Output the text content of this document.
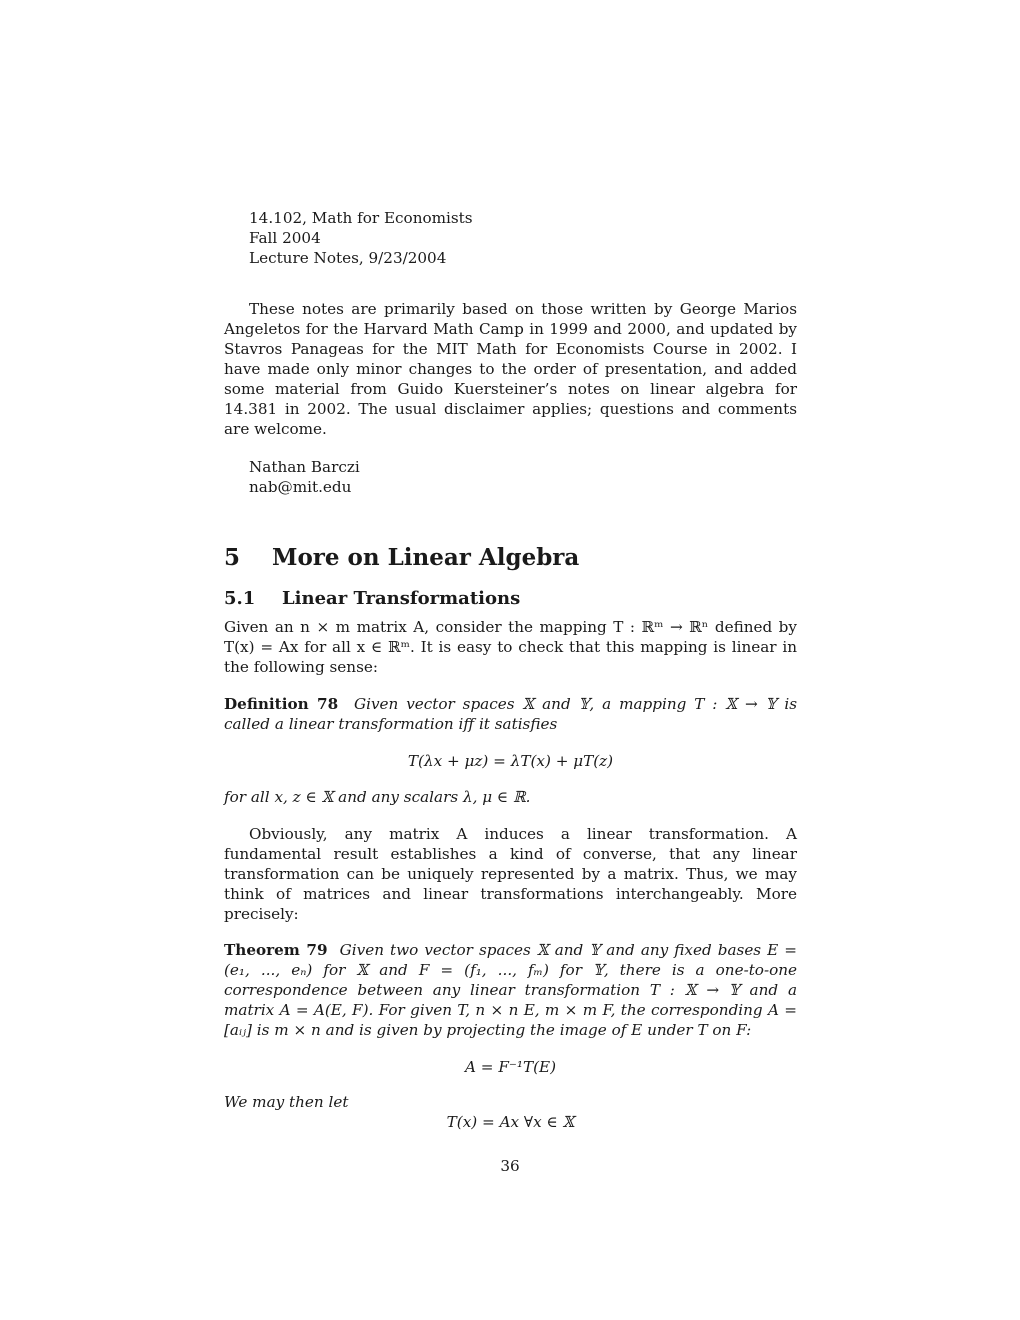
14.102, Math for Economists
Fall 2004
Lecture Notes, 9/23/2004

These notes are primarily based on those written by George Marios Angeletos for the Harvard Math Camp in 1999 and 2000, and updated by Stavros Panageas for the MIT Math for Economists Course in 2002. I have made only minor changes to the order of presentation, and added some material from Guido Kuersteiner’s notes on linear algebra for 14.381 in 2002. The usual disclaimer applies; questions and comments are welcome.

Nathan Barczi
nab@mit.edu
5 More on Linear Algebra
5.1 Linear Transformations

Given an n × m matrix A, consider the mapping T : ℝᵐ → ℝⁿ defined by T(x) = Ax for all x ∈ ℝᵐ. It is easy to check that this mapping is linear in the following sense:

Definition 78 Given vector spaces 𝕏 and 𝕐, a mapping T : 𝕏 → 𝕐 is called a linear transformation iff it satisfies

T(λx + μz) = λT(x) + μT(z)

for all x, z ∈ 𝕏 and any scalars λ, μ ∈ ℝ.

Obviously, any matrix A induces a linear transformation. A fundamental result establishes a kind of converse, that any linear transformation can be uniquely represented by a matrix. Thus, we may think of matrices and linear transformations interchangeably. More precisely:

Theorem 79 Given two vector spaces 𝕏 and 𝕐 and any fixed bases E = (e₁, ..., eₙ) for 𝕏 and F = (f₁, ..., fₘ) for 𝕐, there is a one-to-one correspondence between any linear transformation T : 𝕏 → 𝕐 and a matrix A = A(E, F). For given T, n × n E, m × m F, the corresponding A = [aᵢⱼ] is m × n and is given by projecting the image of E under T on F:

A = F⁻¹T(E)

We may then let

T(x) = Ax ∀x ∈ 𝕏
36
